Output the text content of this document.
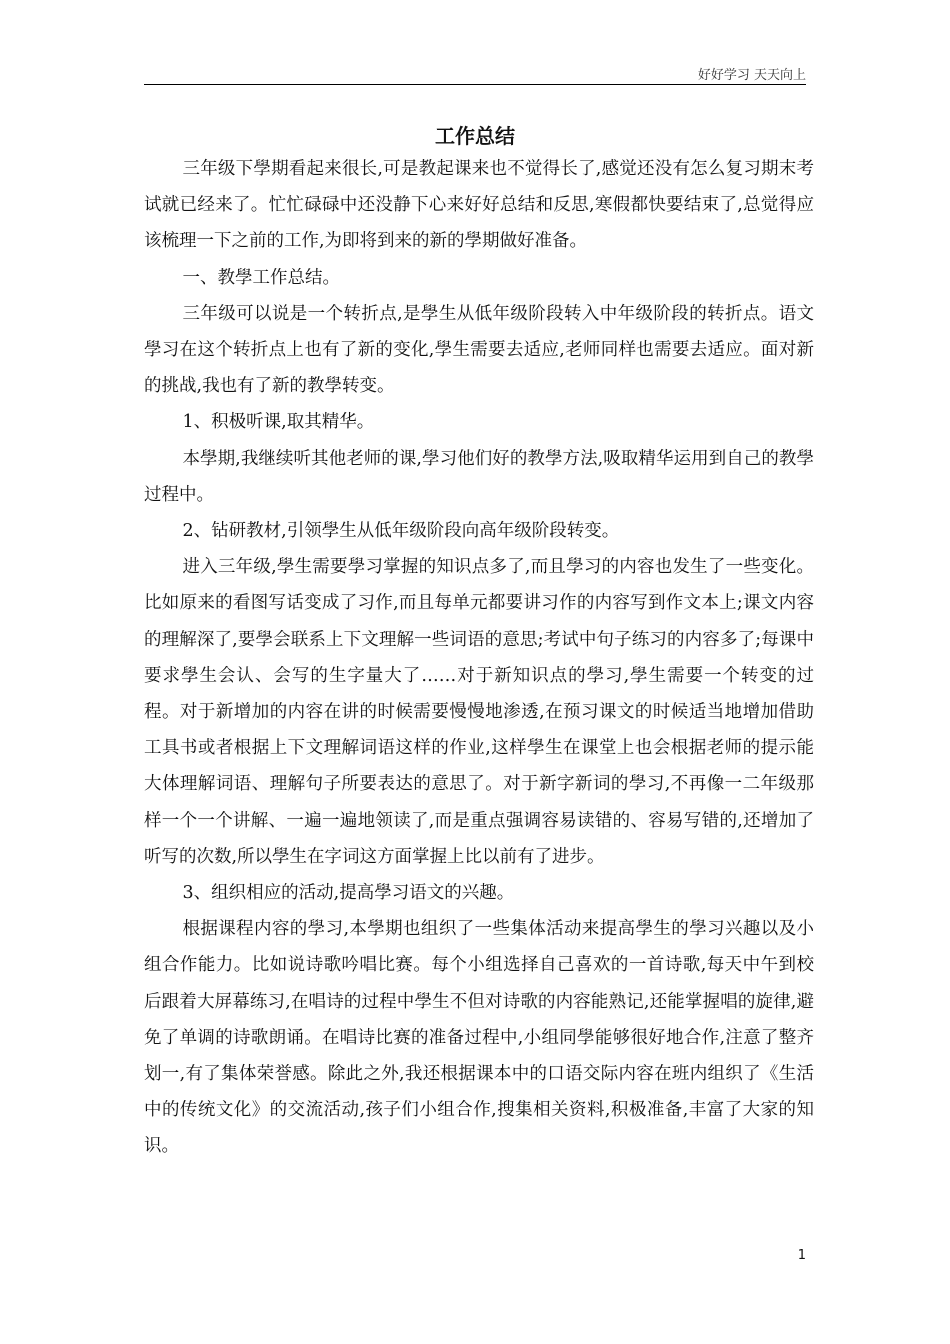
好好学习 天天向上
工作总结

三年级下學期看起来很长,可是教起课来也不觉得长了,感觉还没有怎么复习期末考试就已经来了。忙忙碌碌中还没静下心来好好总结和反思,寒假都快要结束了,总觉得应该梳理一下之前的工作,为即将到来的新的學期做好准备。

一、教學工作总结。

三年级可以说是一个转折点,是學生从低年级阶段转入中年级阶段的转折点。语文學习在这个转折点上也有了新的变化,學生需要去适应,老师同样也需要去适应。面对新的挑战,我也有了新的教學转变。

1、积极听课,取其精华。

本學期,我继续听其他老师的课,學习他们好的教學方法,吸取精华运用到自己的教學过程中。

2、钻研教材,引领學生从低年级阶段向高年级阶段转变。

进入三年级,學生需要學习掌握的知识点多了,而且學习的内容也发生了一些变化。比如原来的看图写话变成了习作,而且每单元都要讲习作的内容写到作文本上;课文内容的理解深了,要學会联系上下文理解一些词语的意思;考试中句子练习的内容多了;每课中要求學生会认、会写的生字量大了……对于新知识点的學习,學生需要一个转变的过程。对于新增加的内容在讲的时候需要慢慢地渗透,在预习课文的时候适当地增加借助工具书或者根据上下文理解词语这样的作业,这样學生在课堂上也会根据老师的提示能大体理解词语、理解句子所要表达的意思了。对于新字新词的學习,不再像一二年级那样一个一个讲解、一遍一遍地领读了,而是重点强调容易读错的、容易写错的,还增加了听写的次数,所以學生在字词这方面掌握上比以前有了进步。

3、组织相应的活动,提高學习语文的兴趣。

根据课程内容的學习,本學期也组织了一些集体活动来提高學生的學习兴趣以及小组合作能力。比如说诗歌吟唱比赛。每个小组选择自己喜欢的一首诗歌,每天中午到校后跟着大屏幕练习,在唱诗的过程中學生不但对诗歌的内容能熟记,还能掌握唱的旋律,避免了单调的诗歌朗诵。在唱诗比赛的准备过程中,小组同學能够很好地合作,注意了整齐划一,有了集体荣誉感。除此之外,我还根据课本中的口语交际内容在班内组织了《生活中的传统文化》的交流活动,孩子们小组合作,搜集相关资料,积极准备,丰富了大家的知识。

1
